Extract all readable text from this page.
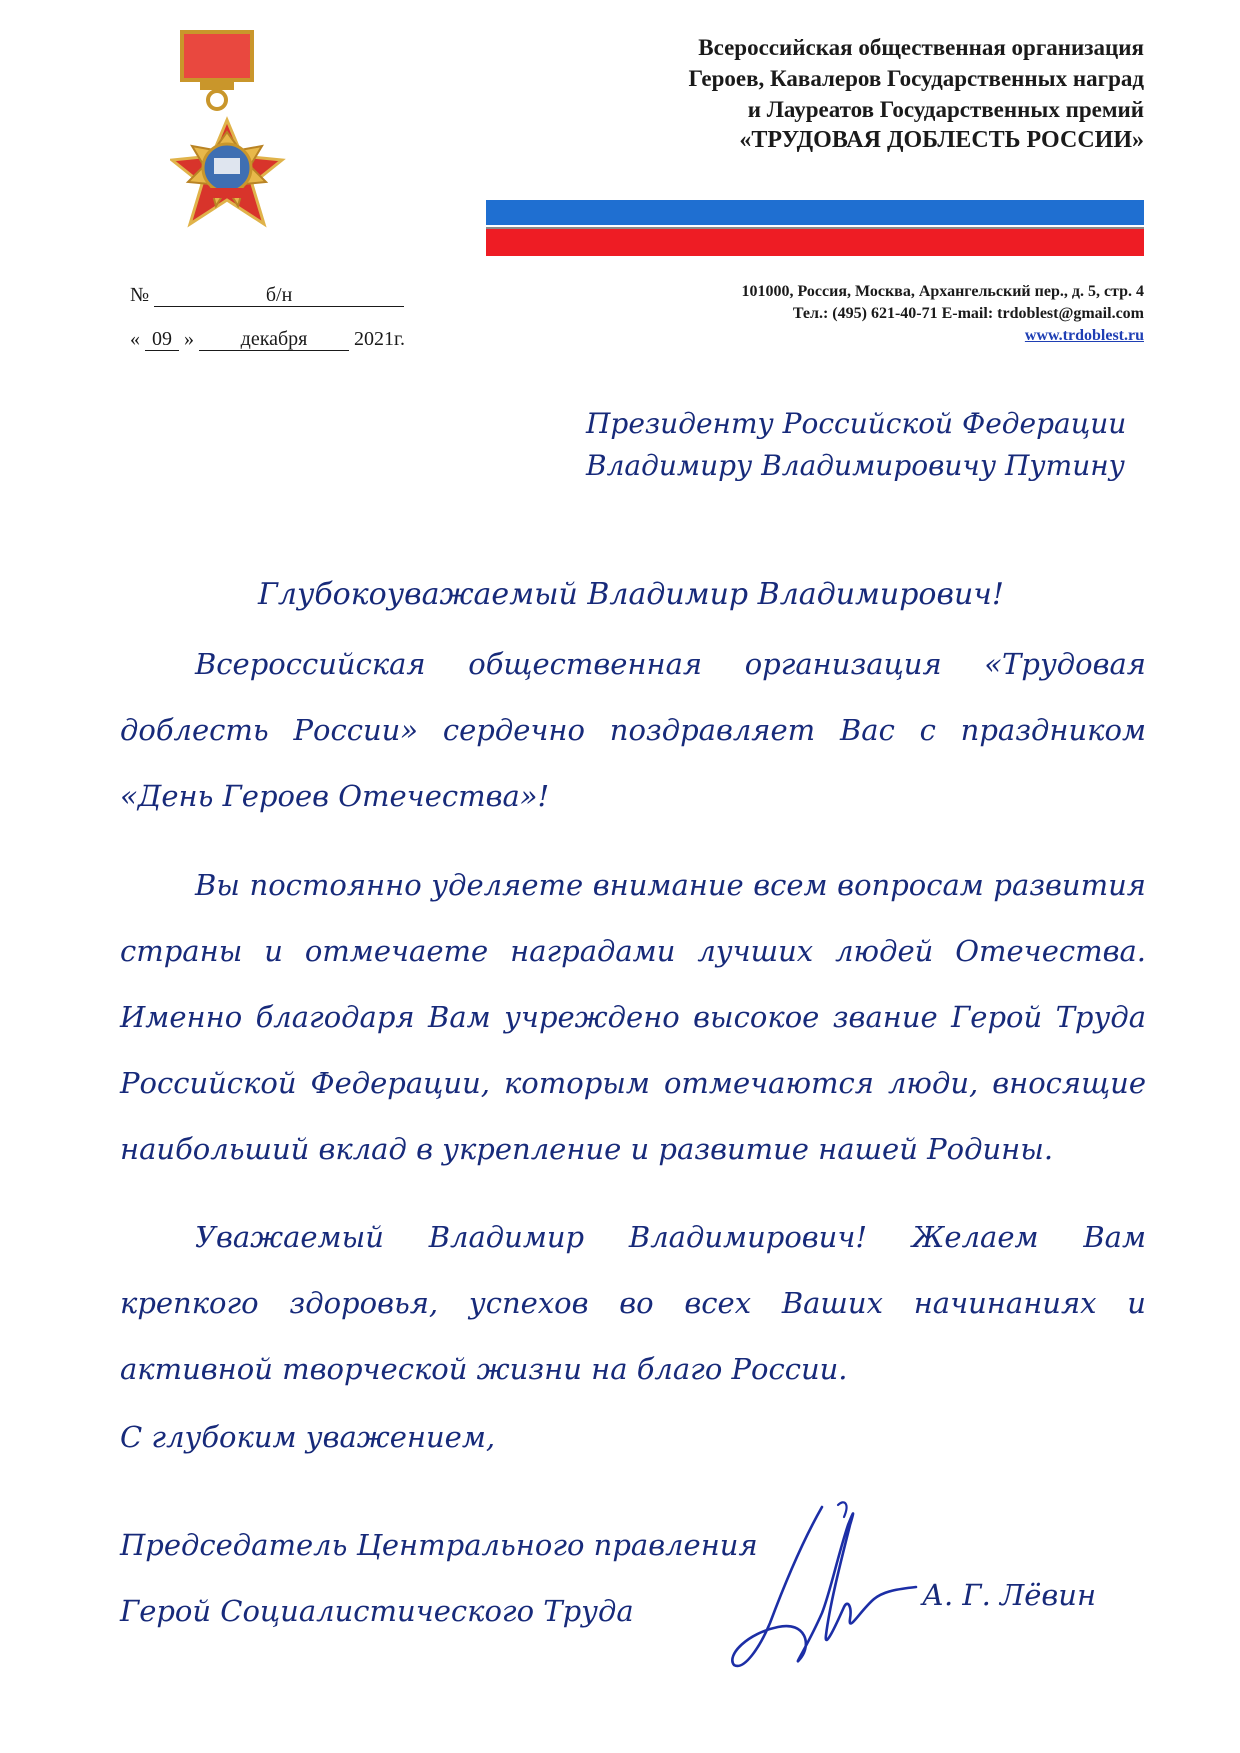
Всероссийская общественная организация
Героев, Кавалеров Государственных наград
и Лауреатов Государственных премий
«ТРУДОВАЯ ДОБЛЕСТЬ РОССИИ»
101000, Россия, Москва, Архангельский пер., д. 5, стр. 4
Тел.: (495) 621-40-71 E-mail: trdoblest@gmail.com
www.trdoblest.ru
№	б/н
« 09 » декабря 2021г.
Президенту Российской Федерации
Владимиру Владимировичу Путину
Глубокоуважаемый Владимир Владимирович!

Всероссийская общественная организация «Трудовая доблесть России» сердечно поздравляет Вас с праздником «День Героев Отечества»!

Вы постоянно уделяете внимание всем вопросам развития страны и отмечаете наградами лучших людей Отечества. Именно благодаря Вам учреждено высокое звание Герой Труда Российской Федерации, которым отмечаются люди, вносящие наибольший вклад в укрепление и развитие нашей Родины.

Уважаемый Владимир Владимирович! Желаем Вам крепкого здоровья, успехов во всех Ваших начинаниях и активной творческой жизни на благо России.

С глубоким уважением,
Председатель Центрального правления
Герой Социалистического Труда	А. Г. Лёвин
